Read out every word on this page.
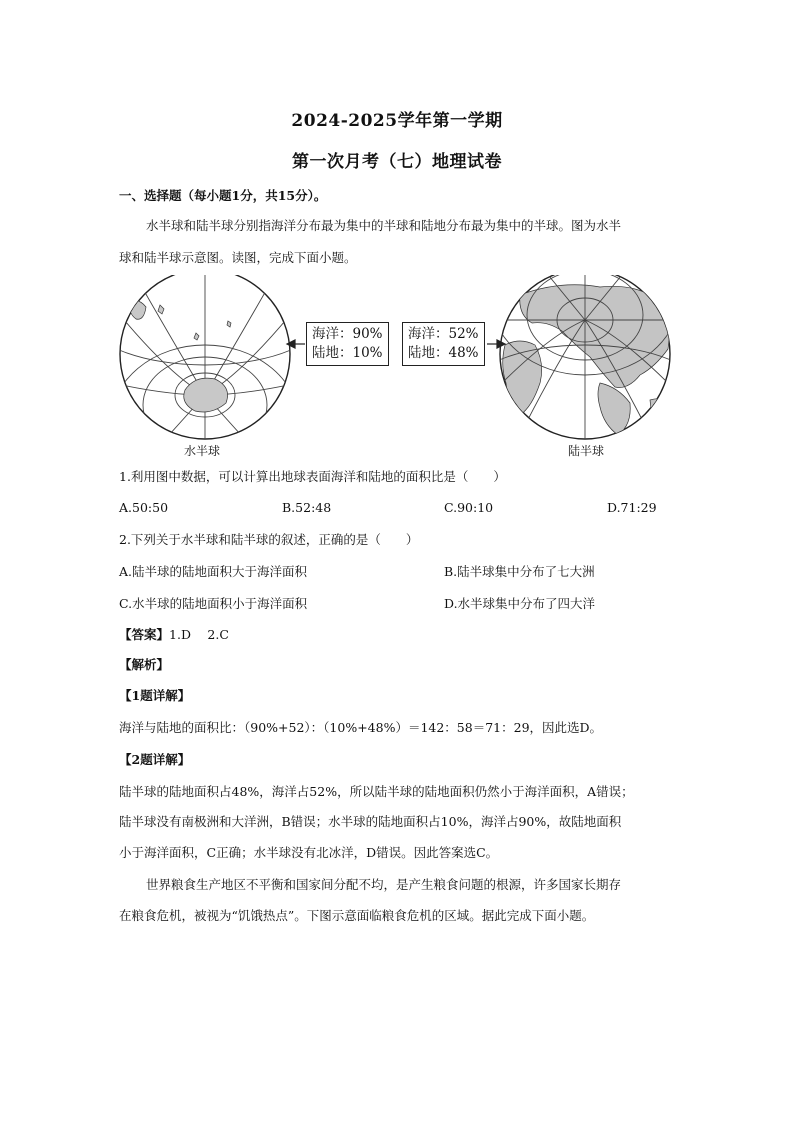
2024-2025学年第一学期
第一次月考（七）地理试卷
一、选择题（每小题1分，共15分）。
水半球和陆半球分别指海洋分布最为集中的半球和陆地分布最为集中的半球。图为水半
球和陆半球示意图。读图，完成下面小题。
海洋：90%
陆地：10%
海洋：52%
陆地：48%
水半球	陆半球
1.利用图中数据，可以计算出地球表面海洋和陆地的面积比是（　　）
A.50:50	B.52:48	C.90:10	D.71:29
2.下列关于水半球和陆半球的叙述，正确的是（　　）
A.陆半球的陆地面积大于海洋面积	B.陆半球集中分布了七大洲
C.水半球的陆地面积小于海洋面积	D.水半球集中分布了四大洋
【答案】1.D　 2.C
【解析】
【1题详解】
海洋与陆地的面积比：（90%+52）：（10%+48%）＝142：58＝71：29，因此选D。
【2题详解】
陆半球的陆地面积占48%，海洋占52%，所以陆半球的陆地面积仍然小于海洋面积，A错误；
陆半球没有南极洲和大洋洲，B错误；水半球的陆地面积占10%，海洋占90%，故陆地面积
小于海洋面积，C正确；水半球没有北冰洋，D错误。因此答案选C。
世界粮食生产地区不平衡和国家间分配不均，是产生粮食问题的根源，许多国家长期存
在粮食危机，被视为“饥饿热点”。下图示意面临粮食危机的区域。据此完成下面小题。
